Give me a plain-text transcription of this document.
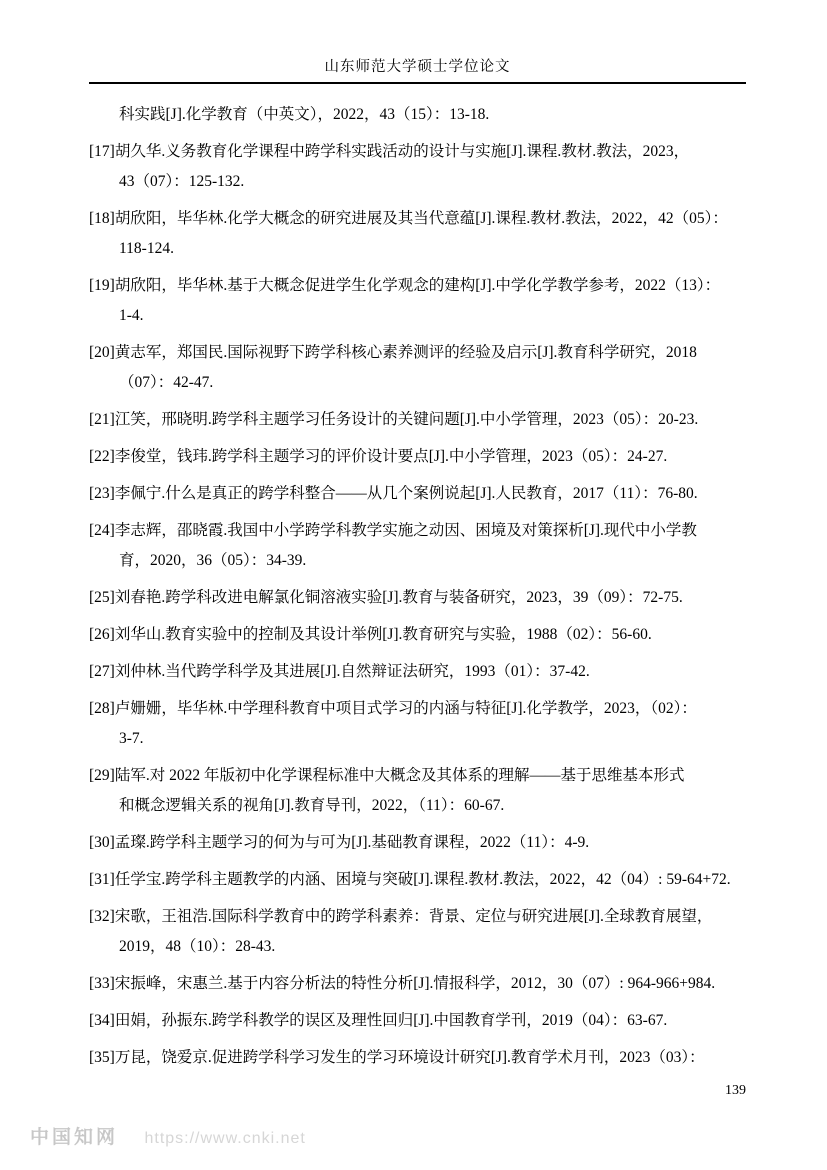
山东师范大学硕士学位论文
科实践[J].化学教育（中英文），2022，43（15）：13-18.
[17]胡久华.义务教育化学课程中跨学科实践活动的设计与实施[J].课程.教材.教法，2023，
43（07）：125-132.
[18]胡欣阳，毕华林.化学大概念的研究进展及其当代意蕴[J].课程.教材.教法，2022，42（05）：
118-124.
[19]胡欣阳，毕华林.基于大概念促进学生化学观念的建构[J].中学化学教学参考，2022（13）：
1-4.
[20]黄志军，郑国民.国际视野下跨学科核心素养测评的经验及启示[J].教育科学研究，2018
（07）：42-47.
[21]江笑，邢晓明.跨学科主题学习任务设计的关键问题[J].中小学管理，2023（05）：20-23.
[22]李俊堂，钱玮.跨学科主题学习的评价设计要点[J].中小学管理，2023（05）：24-27.
[23]李佩宁.什么是真正的跨学科整合——从几个案例说起[J].人民教育，2017（11）：76-80.
[24]李志辉，邵晓霞.我国中小学跨学科教学实施之动因、困境及对策探析[J].现代中小学教
育，2020，36（05）：34-39.
[25]刘春艳.跨学科改进电解氯化铜溶液实验[J].教育与装备研究，2023，39（09）：72-75.
[26]刘华山.教育实验中的控制及其设计举例[J].教育研究与实验，1988（02）：56-60.
[27]刘仲林.当代跨学科学及其进展[J].自然辩证法研究，1993（01）：37-42.
[28]卢姗姗，毕华林.中学理科教育中项目式学习的内涵与特征[J].化学教学，2023，（02）：
3-7.
[29]陆军.对 2022 年版初中化学课程标准中大概念及其体系的理解——基于思维基本形式
和概念逻辑关系的视角[J].教育导刊，2022，（11）：60-67.
[30]孟璨.跨学科主题学习的何为与可为[J].基础教育课程，2022（11）：4-9.
[31]任学宝.跨学科主题教学的内涵、困境与突破[J].课程.教材.教法，2022，42（04）: 59-64+72.
[32]宋歌，王祖浩.国际科学教育中的跨学科素养：背景、定位与研究进展[J].全球教育展望，
2019，48（10）：28-43.
[33]宋振峰，宋惠兰.基于内容分析法的特性分析[J].情报科学，2012，30（07）: 964-966+984.
[34]田娟，孙振东.跨学科教学的误区及理性回归[J].中国教育学刊，2019（04）：63-67.
[35]万昆，饶爱京.促进跨学科学习发生的学习环境设计研究[J].教育学术月刊，2023（03）：
139
中国知网 https://www.cnki.net
